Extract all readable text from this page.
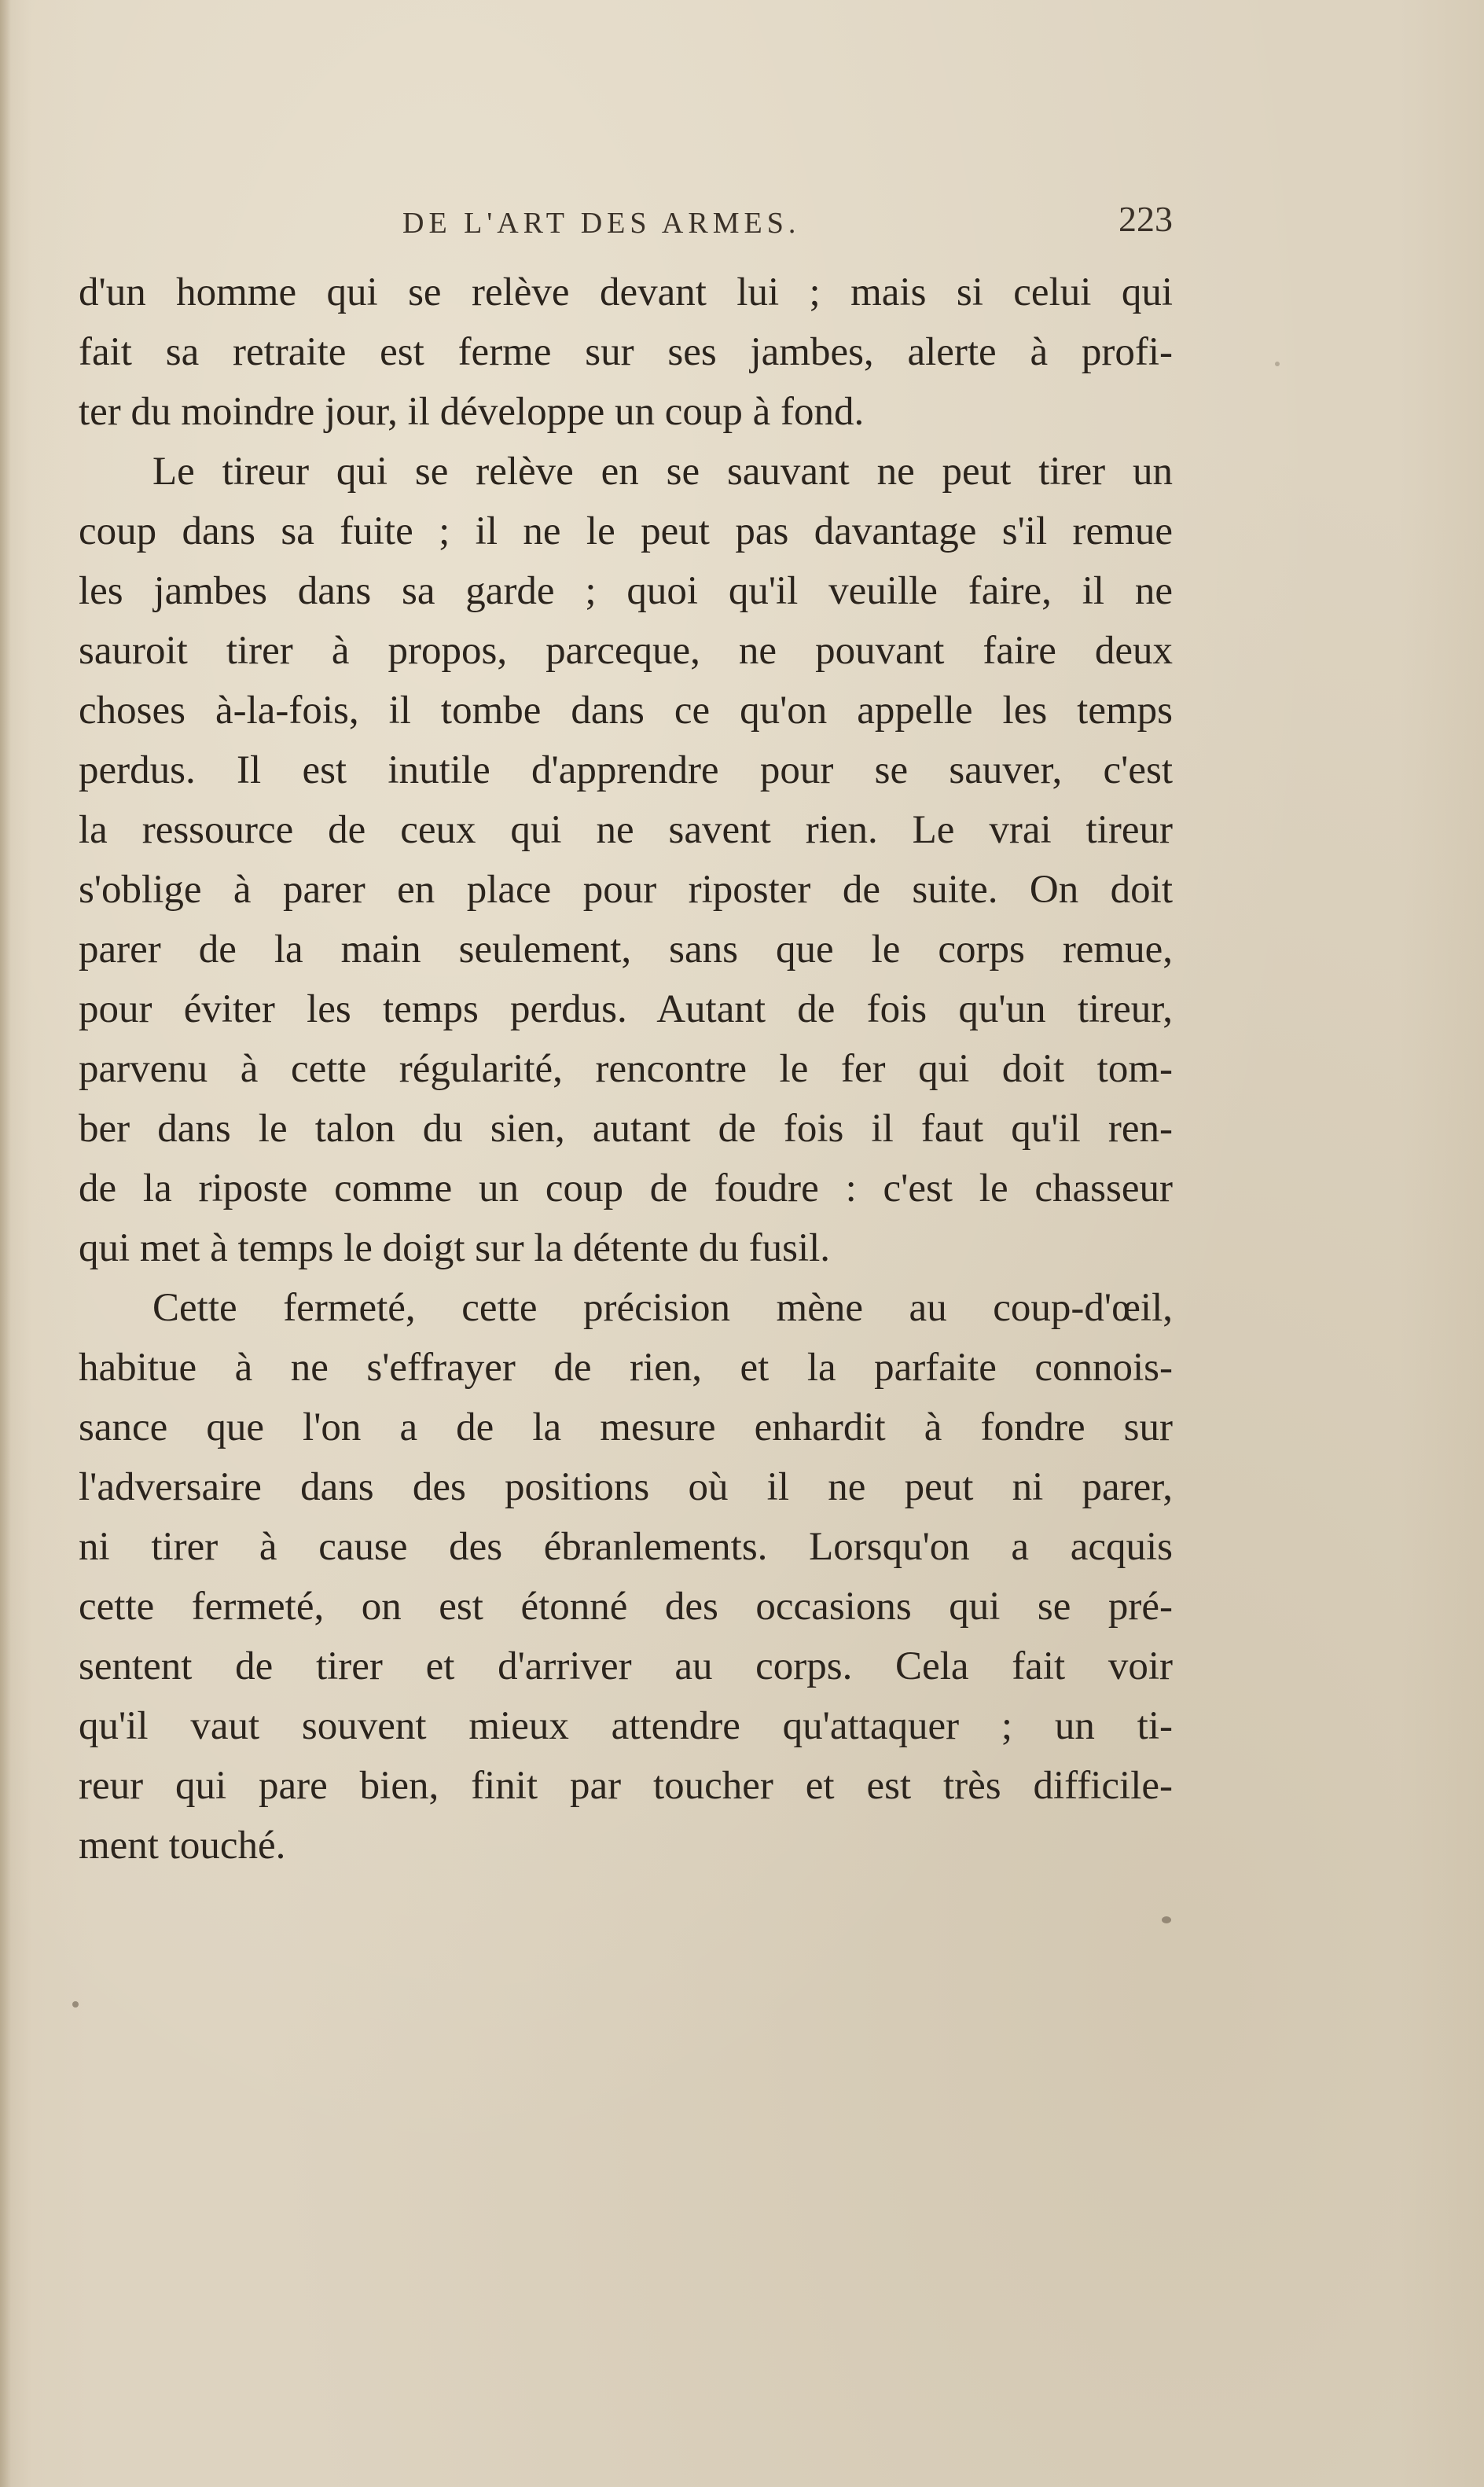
DE L'ART DES ARMES.	223

d'un homme qui se relève devant lui ; mais si celui qui
fait sa retraite est ferme sur ses jambes, alerte à profi-
ter du moindre jour, il développe un coup à fond.

Le tireur qui se relève en se sauvant ne peut tirer un
coup dans sa fuite ; il ne le peut pas davantage s'il remue
les jambes dans sa garde ; quoi qu'il veuille faire, il ne
sauroit tirer à propos, parceque, ne pouvant faire deux
choses à-la-fois, il tombe dans ce qu'on appelle les temps
perdus. Il est inutile d'apprendre pour se sauver, c'est
la ressource de ceux qui ne savent rien. Le vrai tireur
s'oblige à parer en place pour riposter de suite. On doit
parer de la main seulement, sans que le corps remue,
pour éviter les temps perdus. Autant de fois qu'un tireur,
parvenu à cette régularité, rencontre le fer qui doit tom-
ber dans le talon du sien, autant de fois il faut qu'il ren-
de la riposte comme un coup de foudre : c'est le chasseur
qui met à temps le doigt sur la détente du fusil.

Cette fermeté, cette précision mène au coup-d'œil,
habitue à ne s'effrayer de rien, et la parfaite connois-
sance que l'on a de la mesure enhardit à fondre sur
l'adversaire dans des positions où il ne peut ni parer,
ni tirer à cause des ébranlements. Lorsqu'on a acquis
cette fermeté, on est étonné des occasions qui se pré-
sentent de tirer et d'arriver au corps. Cela fait voir
qu'il vaut souvent mieux attendre qu'attaquer ; un ti-
reur qui pare bien, finit par toucher et est très difficile-
ment touché.
